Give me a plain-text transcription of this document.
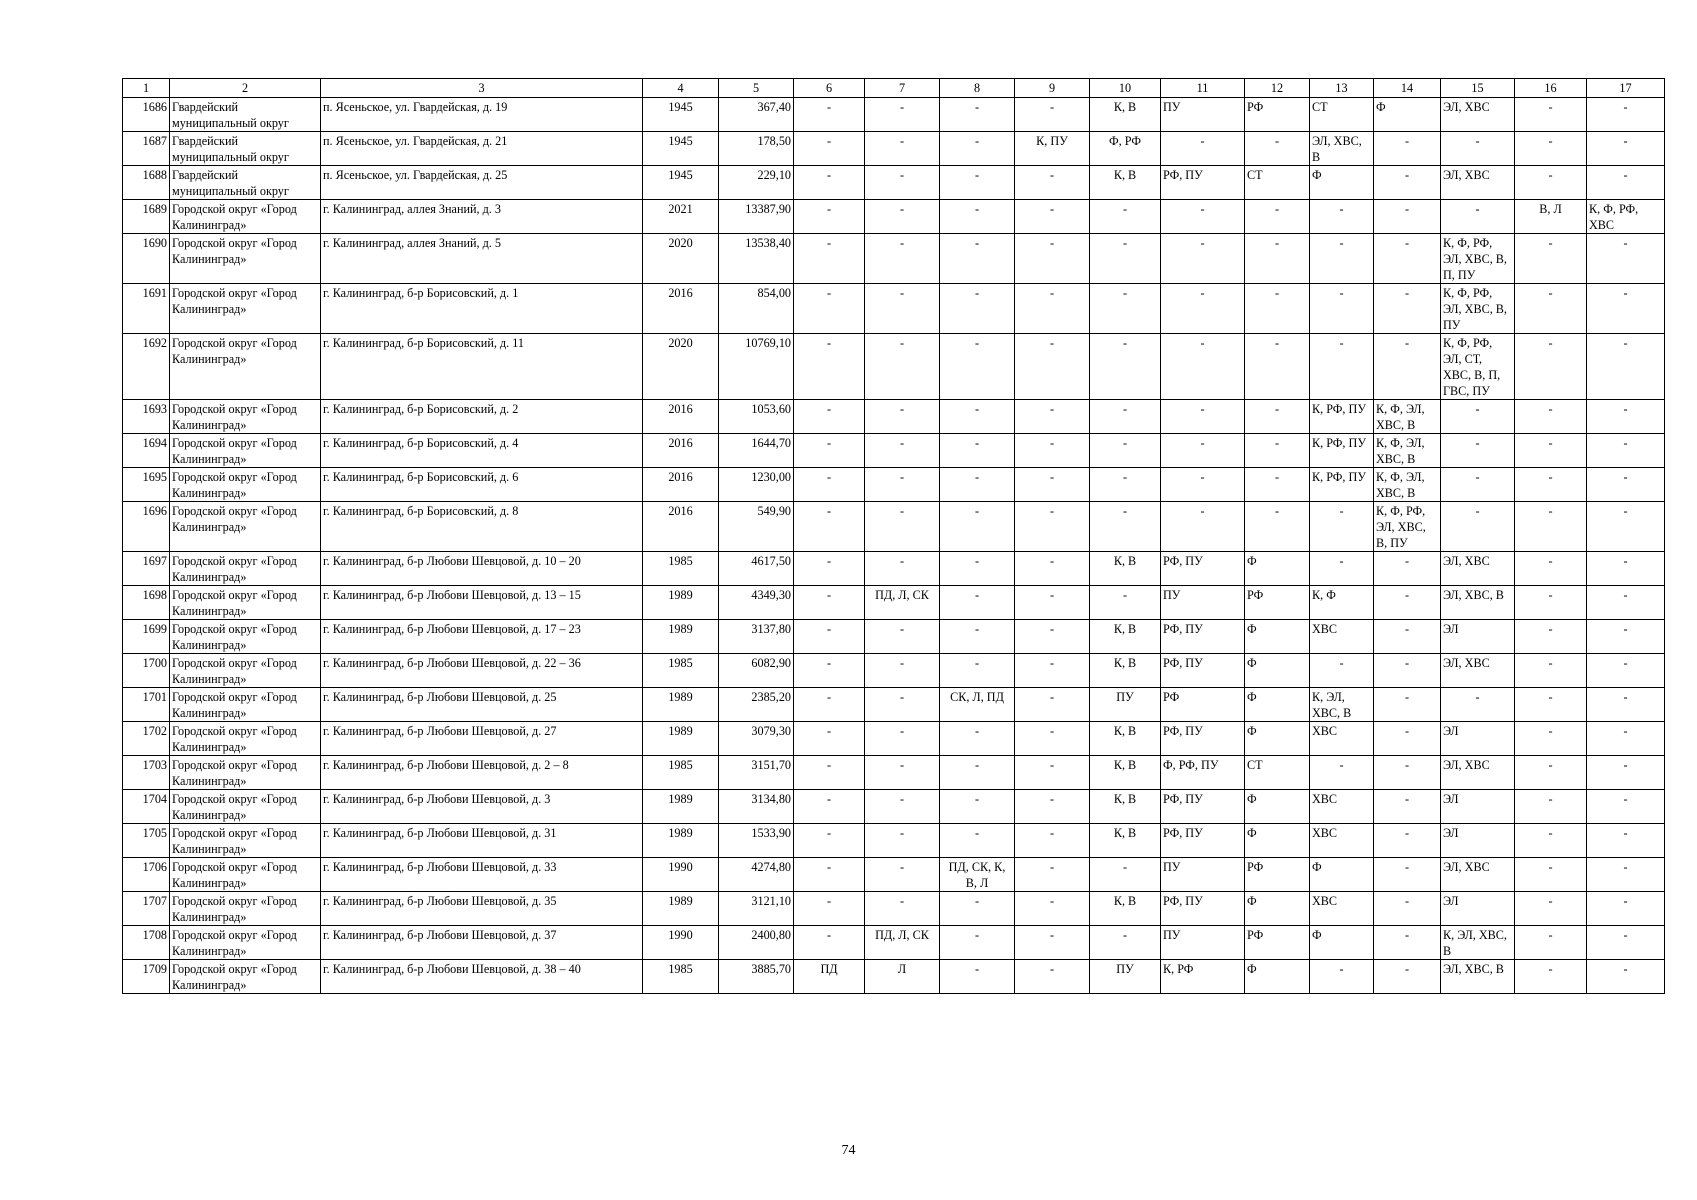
1	2	3	4	5	6	7	8	9	10	11	12	13	14	15	16	17
1686	Гвардейский муниципальный округ	п. Ясеньское, ул. Гвардейская, д. 19	1945	367,40	-	-	-	-	К, В	ПУ	РФ	СТ	Ф	ЭЛ, ХВС	-	-
1687	Гвардейский муниципальный округ	п. Ясеньское, ул. Гвардейская, д. 21	1945	178,50	-	-	-	К, ПУ	Ф, РФ	-	-	ЭЛ, ХВС, В	-	-	-	-
1688	Гвардейский муниципальный округ	п. Ясеньское, ул. Гвардейская, д. 25	1945	229,10	-	-	-	-	К, В	РФ, ПУ	СТ	Ф	-	ЭЛ, ХВС	-	-
1689	Городской округ «Город Калининград»	г. Калининград, аллея Знаний, д. 3	2021	13387,90	-	-	-	-	-	-	-	-	-	-	В, Л	К, Ф, РФ, ХВС
1690	Городской округ «Город Калининград»	г. Калининград, аллея Знаний, д. 5	2020	13538,40	-	-	-	-	-	-	-	-	-	К, Ф, РФ, ЭЛ, ХВС, В, П, ПУ	-	-
1691	Городской округ «Город Калининград»	г. Калининград, б-р Борисовский, д. 1	2016	854,00	-	-	-	-	-	-	-	-	-	К, Ф, РФ, ЭЛ, ХВС, В, ПУ	-	-
1692	Городской округ «Город Калининград»	г. Калининград, б-р Борисовский, д. 11	2020	10769,10	-	-	-	-	-	-	-	-	-	К, Ф, РФ, ЭЛ, СТ, ХВС, В, П, ГВС, ПУ	-	-
1693	Городской округ «Город Калининград»	г. Калининград, б-р Борисовский, д. 2	2016	1053,60	-	-	-	-	-	-	-	К, РФ, ПУ	К, Ф, ЭЛ, ХВС, В	-	-	-
1694	Городской округ «Город Калининград»	г. Калининград, б-р Борисовский, д. 4	2016	1644,70	-	-	-	-	-	-	-	К, РФ, ПУ	К, Ф, ЭЛ, ХВС, В	-	-	-
1695	Городской округ «Город Калининград»	г. Калининград, б-р Борисовский, д. 6	2016	1230,00	-	-	-	-	-	-	-	К, РФ, ПУ	К, Ф, ЭЛ, ХВС, В	-	-	-
1696	Городской округ «Город Калининград»	г. Калининград, б-р Борисовский, д. 8	2016	549,90	-	-	-	-	-	-	-	-	К, Ф, РФ, ЭЛ, ХВС, В, ПУ	-	-	-
1697	Городской округ «Город Калининград»	г. Калининград, б-р Любови Шевцовой, д. 10 – 20	1985	4617,50	-	-	-	-	К, В	РФ, ПУ	Ф	-	-	ЭЛ, ХВС	-	-
1698	Городской округ «Город Калининград»	г. Калининград, б-р Любови Шевцовой, д. 13 – 15	1989	4349,30	-	ПД, Л, СК	-	-	-	ПУ	РФ	К, Ф	-	ЭЛ, ХВС, В	-	-
1699	Городской округ «Город Калининград»	г. Калининград, б-р Любови Шевцовой, д. 17 – 23	1989	3137,80	-	-	-	-	К, В	РФ, ПУ	Ф	ХВС	-	ЭЛ	-	-
1700	Городской округ «Город Калининград»	г. Калининград, б-р Любови Шевцовой, д. 22 – 36	1985	6082,90	-	-	-	-	К, В	РФ, ПУ	Ф	-	-	ЭЛ, ХВС	-	-
1701	Городской округ «Город Калининград»	г. Калининград, б-р Любови Шевцовой, д. 25	1989	2385,20	-	-	СК, Л, ПД	-	ПУ	РФ	Ф	К, ЭЛ, ХВС, В	-	-	-	-
1702	Городской округ «Город Калининград»	г. Калининград, б-р Любови Шевцовой, д. 27	1989	3079,30	-	-	-	-	К, В	РФ, ПУ	Ф	ХВС	-	ЭЛ	-	-
1703	Городской округ «Город Калининград»	г. Калининград, б-р Любови Шевцовой, д. 2 – 8	1985	3151,70	-	-	-	-	К, В	Ф, РФ, ПУ	СТ	-	-	ЭЛ, ХВС	-	-
1704	Городской округ «Город Калининград»	г. Калининград, б-р Любови Шевцовой, д. 3	1989	3134,80	-	-	-	-	К, В	РФ, ПУ	Ф	ХВС	-	ЭЛ	-	-
1705	Городской округ «Город Калининград»	г. Калининград, б-р Любови Шевцовой, д. 31	1989	1533,90	-	-	-	-	К, В	РФ, ПУ	Ф	ХВС	-	ЭЛ	-	-
1706	Городской округ «Город Калининград»	г. Калининград, б-р Любови Шевцовой, д. 33	1990	4274,80	-	-	ПД, СК, К, В, Л	-	-	ПУ	РФ	Ф	-	ЭЛ, ХВС	-	-
1707	Городской округ «Город Калининград»	г. Калининград, б-р Любови Шевцовой, д. 35	1989	3121,10	-	-	-	-	К, В	РФ, ПУ	Ф	ХВС	-	ЭЛ	-	-
1708	Городской округ «Город Калининград»	г. Калининград, б-р Любови Шевцовой, д. 37	1990	2400,80	-	ПД, Л, СК	-	-	-	ПУ	РФ	Ф	-	К, ЭЛ, ХВС, В	-	-
1709	Городской округ «Город Калининград»	г. Калининград, б-р Любови Шевцовой, д. 38 – 40	1985	3885,70	ПД	Л	-	-	ПУ	К, РФ	Ф	-	-	ЭЛ, ХВС, В	-	-
74
